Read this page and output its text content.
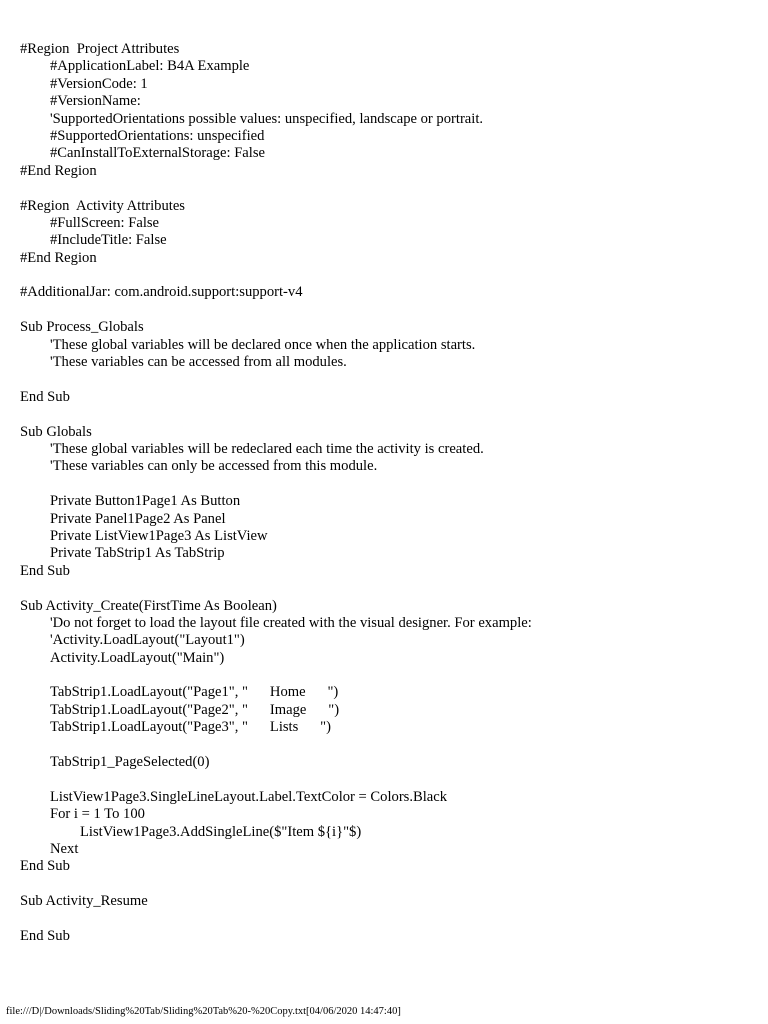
#Region  Project Attributes
#ApplicationLabel: B4A Example
#VersionCode: 1
#VersionName:
'SupportedOrientations possible values: unspecified, landscape or portrait.
#SupportedOrientations: unspecified
#CanInstallToExternalStorage: False
#End Region
#Region  Activity Attributes
#FullScreen: False
#IncludeTitle: False
#End Region
#AdditionalJar: com.android.support:support-v4
Sub Process_Globals
'These global variables will be declared once when the application starts.
'These variables can be accessed from all modules.
End Sub
Sub Globals
'These global variables will be redeclared each time the activity is created.
'These variables can only be accessed from this module.
Private Button1Page1 As Button
Private Panel1Page2 As Panel
Private ListView1Page3 As ListView
Private TabStrip1 As TabStrip
End Sub
Sub Activity_Create(FirstTime As Boolean)
'Do not forget to load the layout file created with the visual designer. For example:
'Activity.LoadLayout("Layout1")
Activity.LoadLayout("Main")
TabStrip1.LoadLayout("Page1", "      Home      ")
TabStrip1.LoadLayout("Page2", "      Image      ")
TabStrip1.LoadLayout("Page3", "      Lists      ")
TabStrip1_PageSelected(0)
ListView1Page3.SingleLineLayout.Label.TextColor = Colors.Black
For i = 1 To 100
ListView1Page3.AddSingleLine($"Item ${i}"$)
Next
End Sub
Sub Activity_Resume
End Sub
file:///D|/Downloads/Sliding%20Tab/Sliding%20Tab%20-%20Copy.txt[04/06/2020 14:47:40]
